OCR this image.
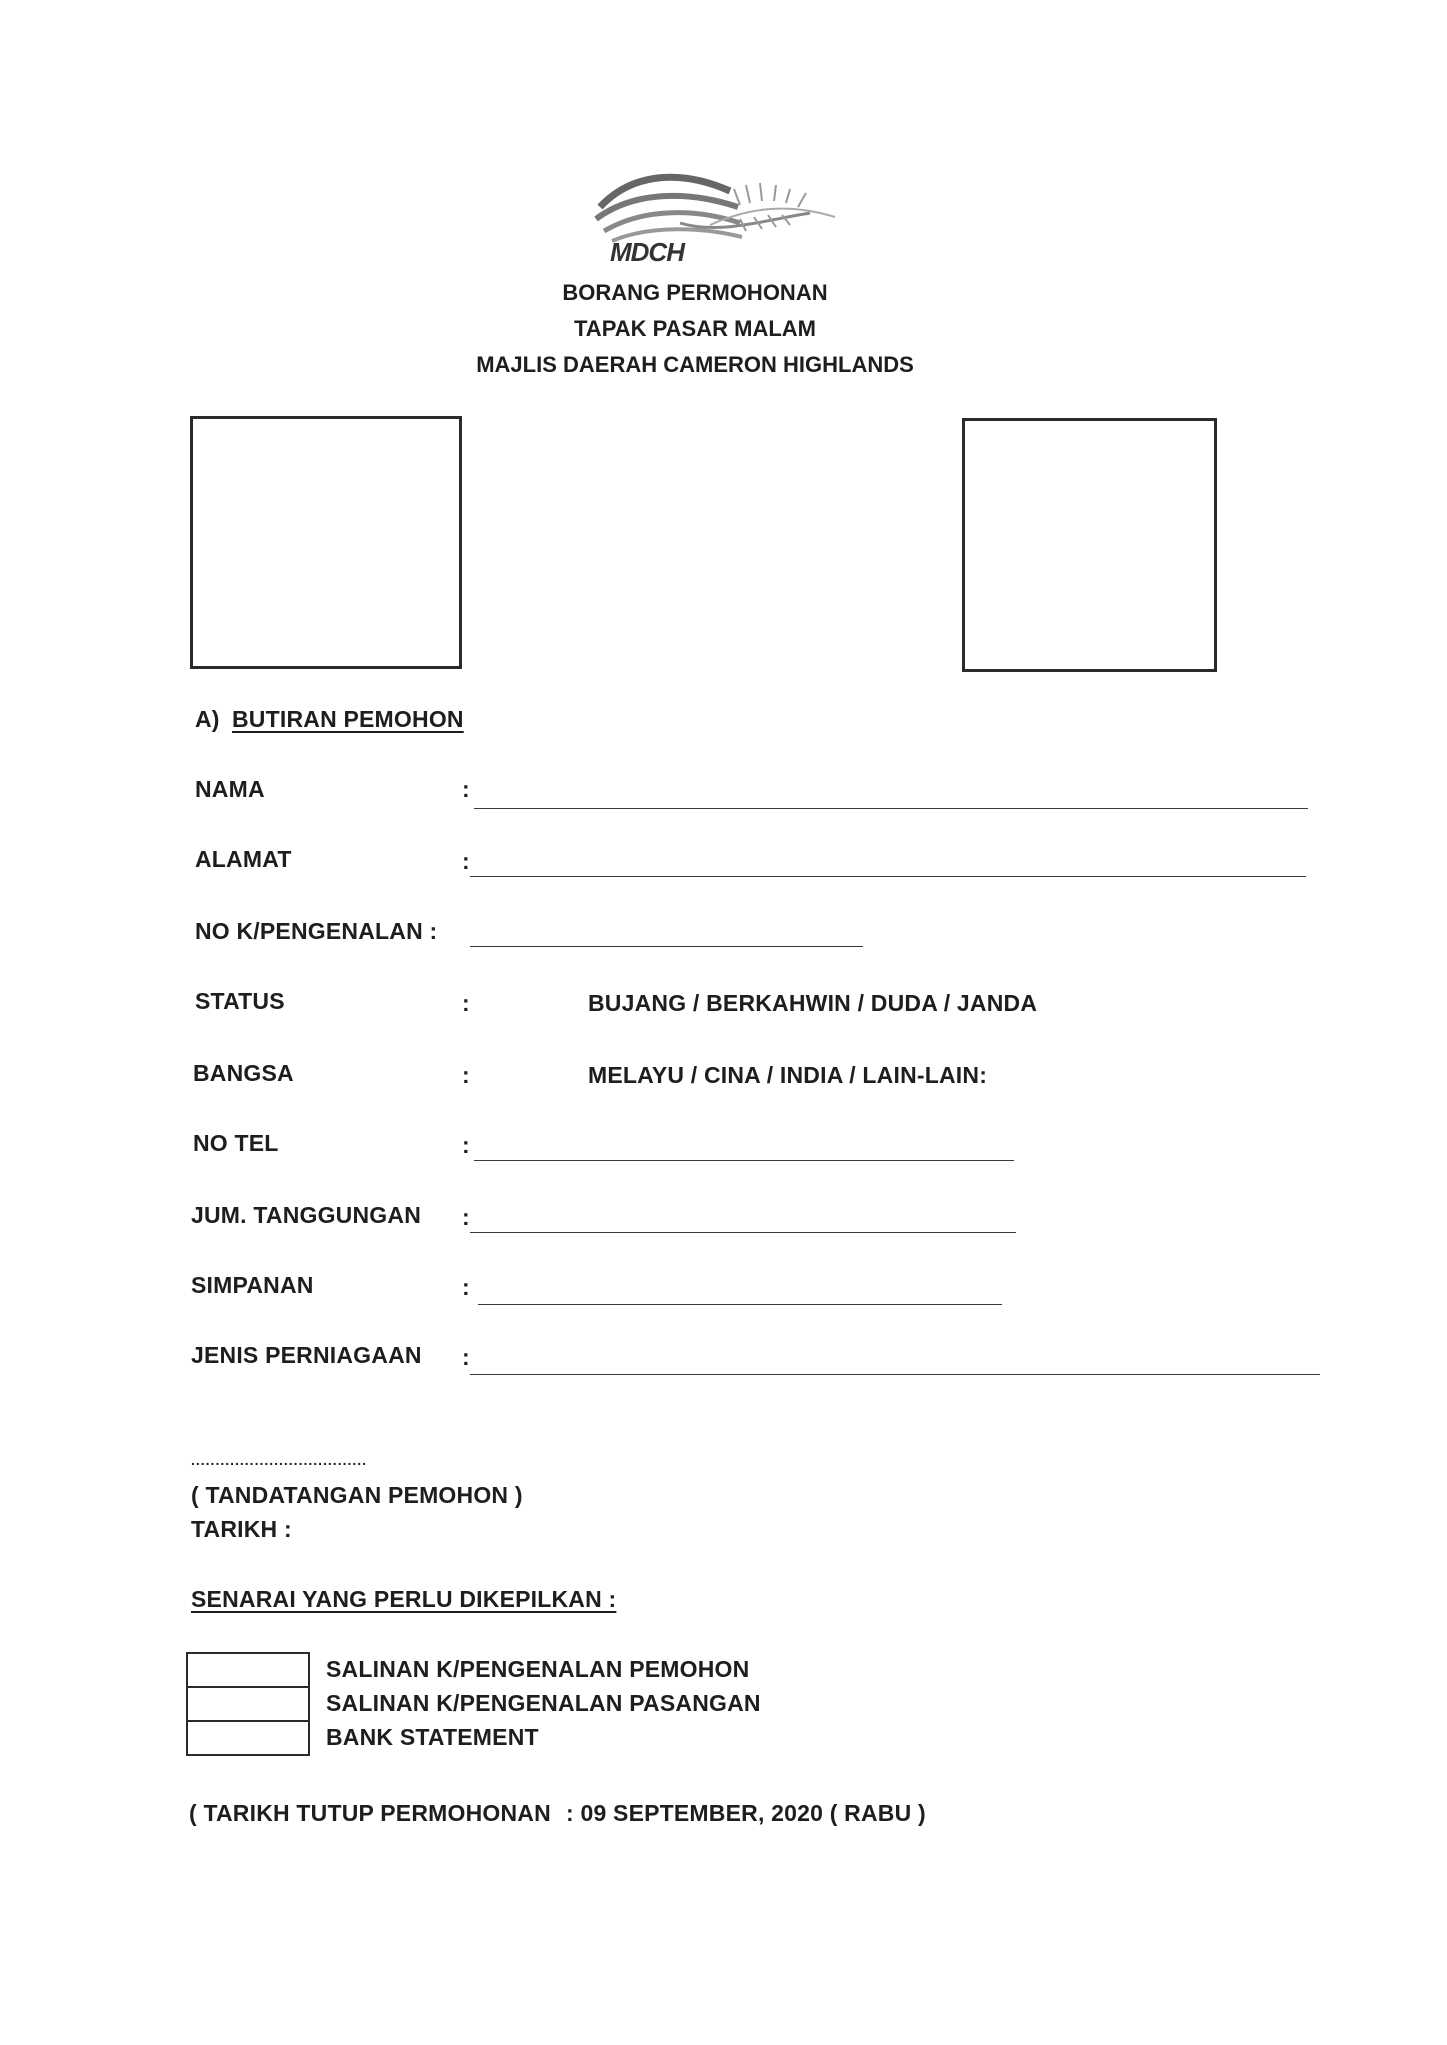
MDCH
BORANG PERMOHONAN
TAPAK PASAR MALAM
MAJLIS DAERAH CAMERON HIGHLANDS
A) BUTIRAN PEMOHON
NAMA	:
ALAMAT	:
NO K/PENGENALAN :
STATUS	:	BUJANG / BERKAHWIN / DUDA / JANDA
BANGSA	:	MELAYU / CINA / INDIA / LAIN-LAIN:
NO TEL	:
JUM. TANGGUNGAN :
SIMPANAN	:
JENIS PERNIAGAAN :
....................................
( TANDATANGAN PEMOHON )
TARIKH :
SENARAI YANG PERLU DIKEPILKAN :
SALINAN K/PENGENALAN PEMOHON
SALINAN K/PENGENALAN PASANGAN
BANK STATEMENT
( TARIKH TUTUP PERMOHONAN : 09 SEPTEMBER, 2020 ( RABU )
